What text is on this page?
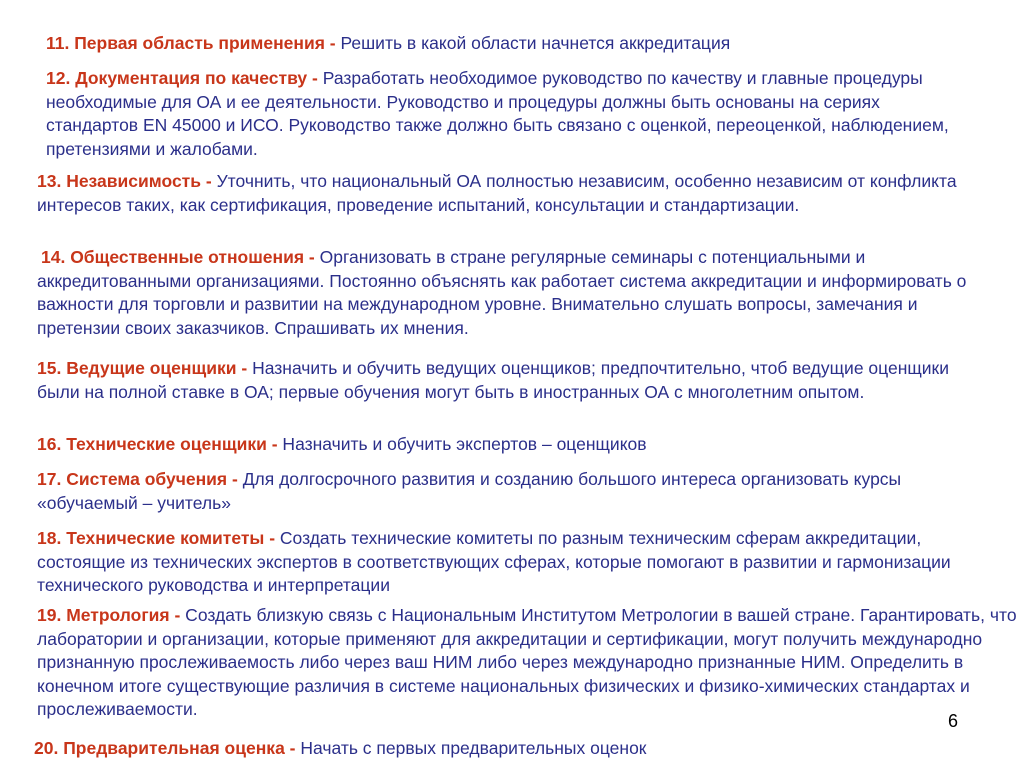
11. Первая область применения - Решить в какой области начнется аккредитация

12. Документация по качеству - Разработать необходимое руководство по качеству и главные процедуры необходимые для ОА и ее деятельности. Руководство и процедуры должны быть основаны на сериях стандартов EN 45000 и ИСО. Руководство также должно быть связано с оценкой, переоценкой, наблюдением, претензиями и жалобами.

13. Независимость - Уточнить, что национальный ОА полностью независим, особенно независим от конфликта интересов таких, как сертификация, проведение испытаний, консультации и стандартизации.

14. Общественные отношения - Организовать в стране регулярные семинары с потенциальными и аккредитованными организациями. Постоянно объяснять как работает система аккредитации и информировать о важности для торговли и развитии на международном уровне. Внимательно слушать вопросы, замечания и претензии своих заказчиков. Спрашивать их мнения.

15. Ведущие оценщики - Назначить и обучить ведущих оценщиков; предпочтительно, чтоб ведущие оценщики были на полной ставке в ОА; первые обучения могут быть в иностранных ОА с многолетним опытом.

16. Технические оценщики - Назначить и обучить экспертов – оценщиков

17. Система обучения - Для долгосрочного развития и созданию большого интереса организовать курсы «обучаемый – учитель»

18. Технические комитеты - Создать технические комитеты по разным техническим сферам аккредитации, состоящие из технических экспертов в соответствующих сферах, которые помогают в развитии и гармонизации технического руководства и интерпретации

19. Метрология - Создать близкую связь с Национальным Институтом Метрологии в вашей стране. Гарантировать, что лаборатории и организации, которые применяют для аккредитации и сертификации, могут получить международно признанную прослеживаемость либо через ваш НИМ либо через международно признанные НИМ. Определить в конечном итоге существующие различия в системе национальных физических и физико-химических стандартах и прослеживаемости.

6

20. Предварительная оценка - Начать с первых предварительных оценок
